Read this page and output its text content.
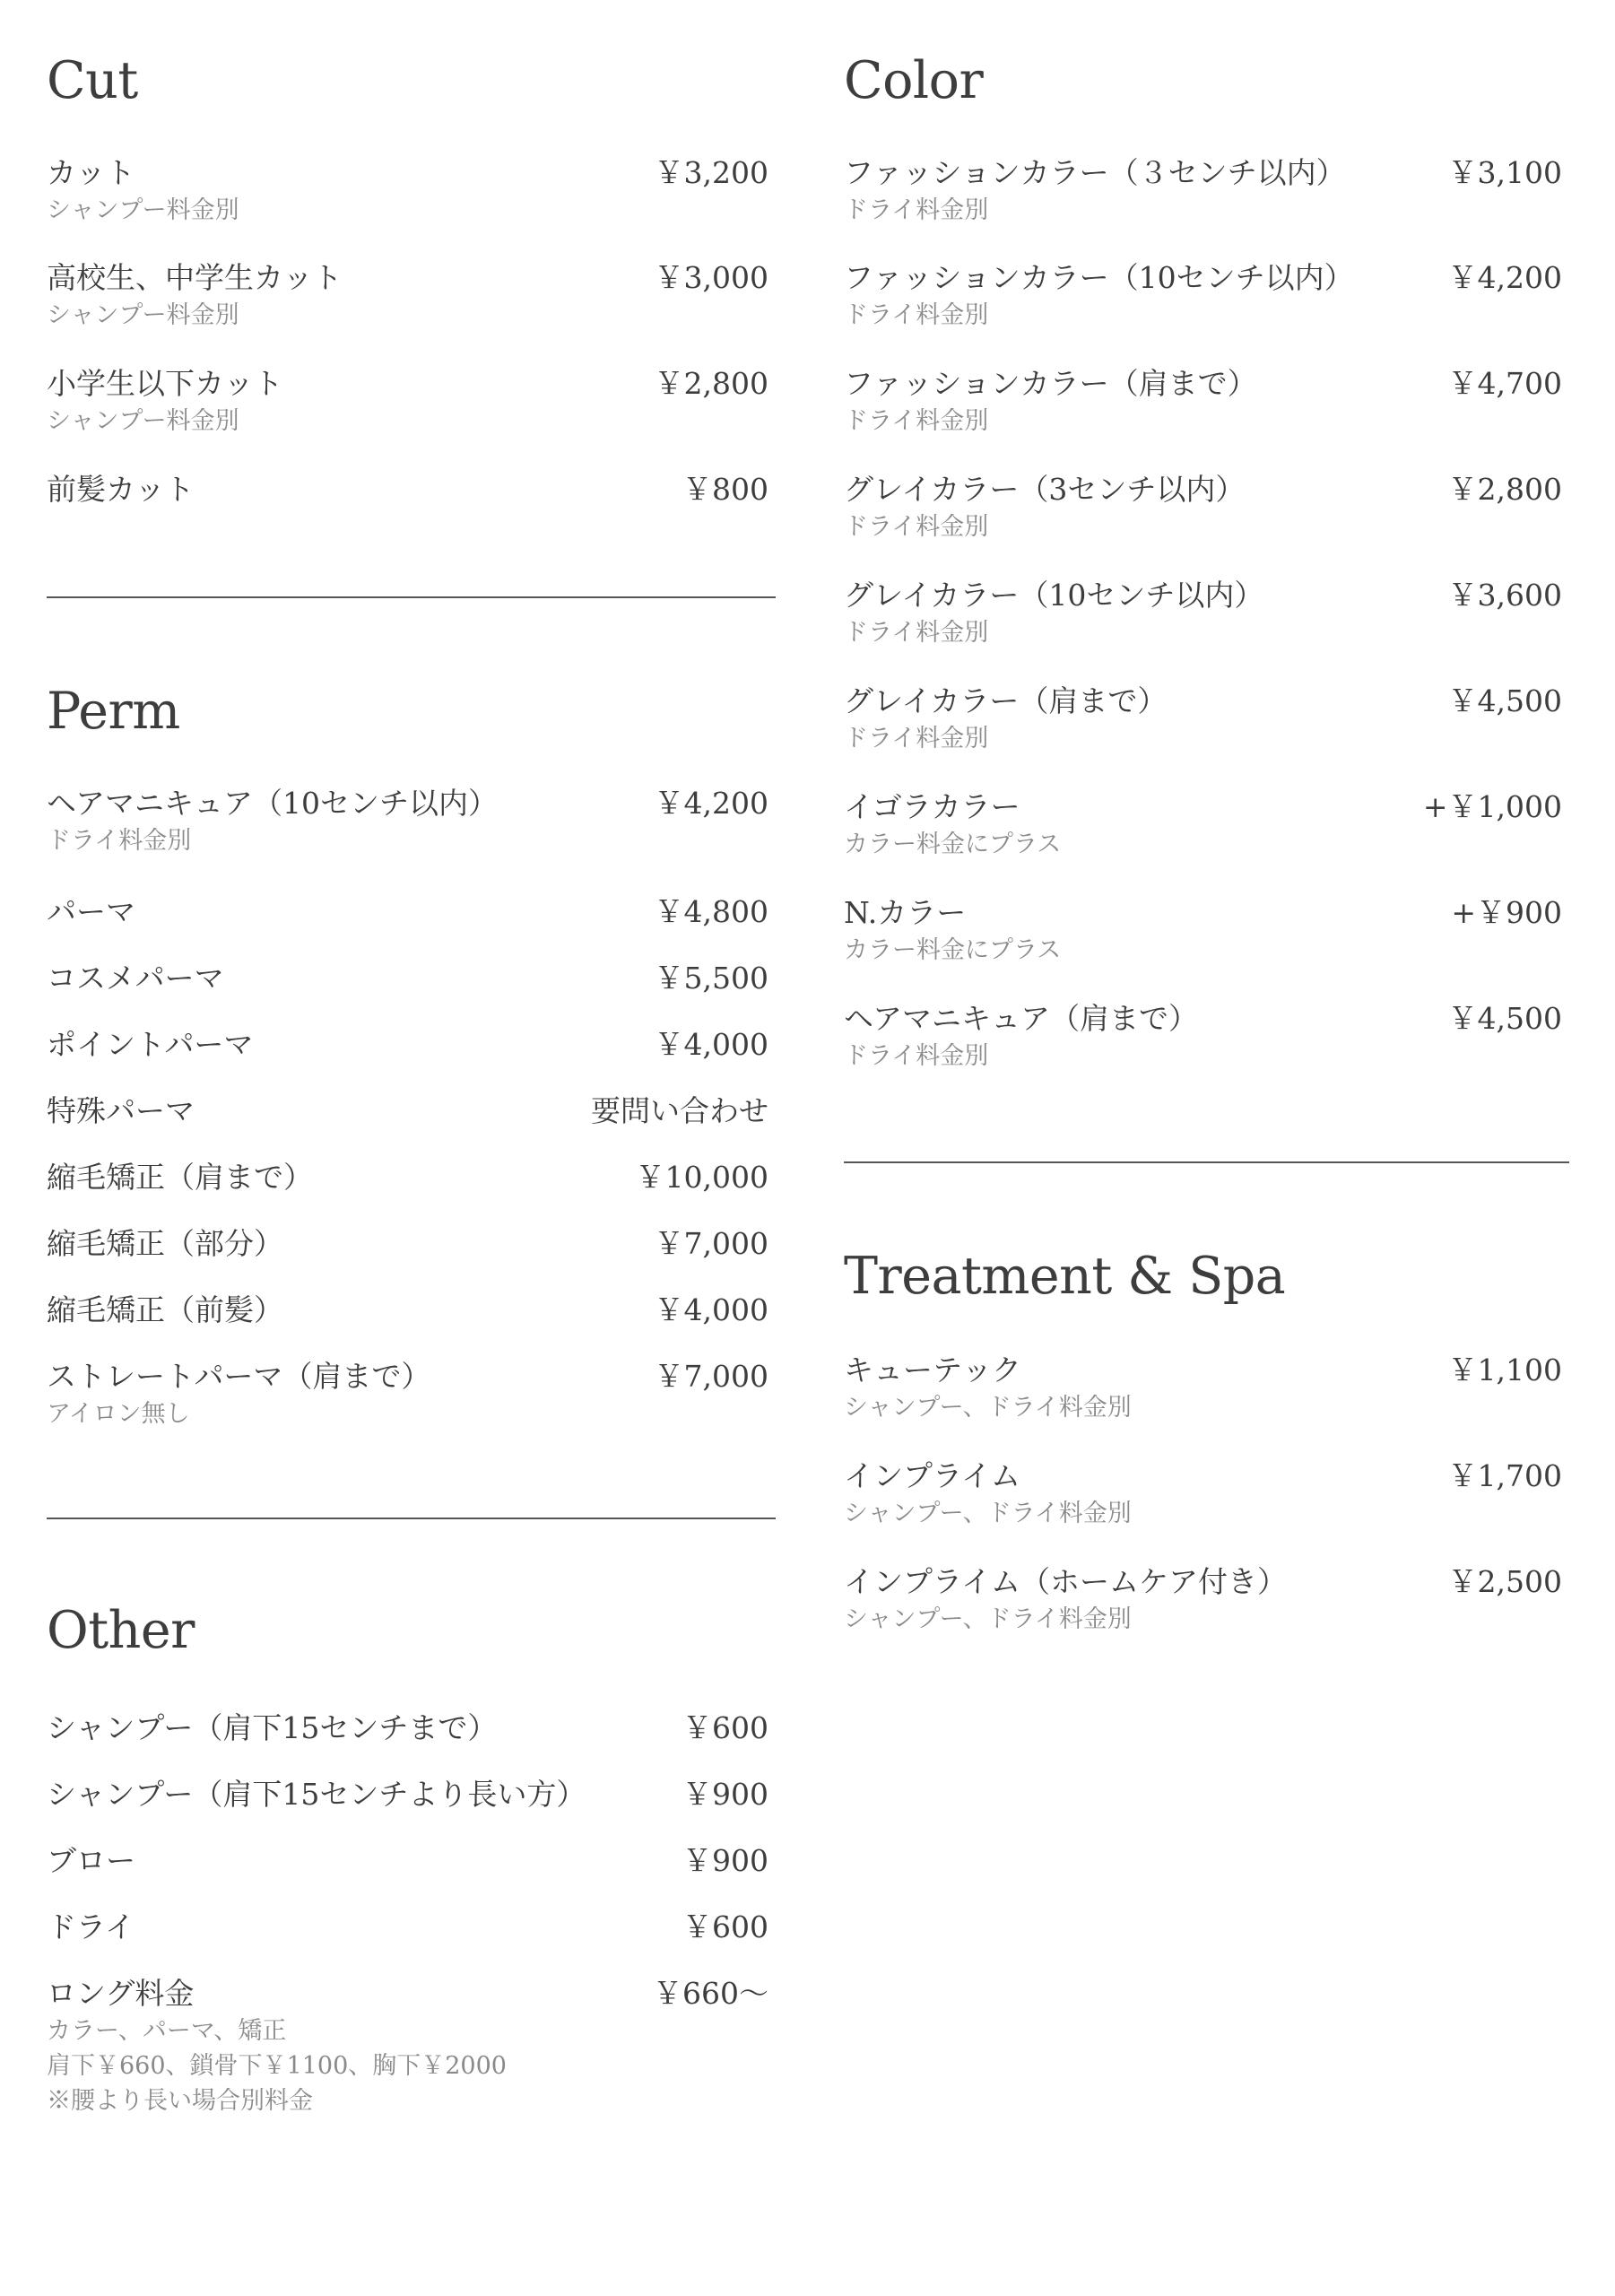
Cut
カット	￥3,200
シャンプー料金別
高校生、中学生カット	￥3,000
シャンプー料金別
小学生以下カット	￥2,800
シャンプー料金別
前髪カット	￥800
Perm
ヘアマニキュア（10センチ以内）	￥4,200
ドライ料金別
パーマ	￥4,800
コスメパーマ	￥5,500
ポイントパーマ	￥4,000
特殊パーマ	要問い合わせ
縮毛矯正（肩まで）	￥10,000
縮毛矯正（部分）	￥7,000
縮毛矯正（前髪）	￥4,000
ストレートパーマ（肩まで）	￥7,000
アイロン無し
Other
シャンプー（肩下15センチまで）	￥600
シャンプー（肩下15センチより長い方）	￥900
ブロー	￥900
ドライ	￥600
ロング料金	￥660〜
カラー、パーマ、矯正
肩下￥660、鎖骨下￥1100、胸下￥2000
※腰より長い場合別料金
Color
ファッションカラー（３センチ以内）	￥3,100
ドライ料金別
ファッションカラー（10センチ以内）	￥4,200
ドライ料金別
ファッションカラー（肩まで）	￥4,700
ドライ料金別
グレイカラー（3センチ以内）	￥2,800
ドライ料金別
グレイカラー（10センチ以内）	￥3,600
ドライ料金別
グレイカラー（肩まで）	￥4,500
ドライ料金別
イゴラカラー	+￥1,000
カラー料金にプラス
N.カラー	+￥900
カラー料金にプラス
ヘアマニキュア（肩まで）	￥4,500
ドライ料金別
Treatment & Spa
キューテック	￥1,100
シャンプー、ドライ料金別
インプライム	￥1,700
シャンプー、ドライ料金別
インプライム（ホームケア付き）	￥2,500
シャンプー、ドライ料金別
